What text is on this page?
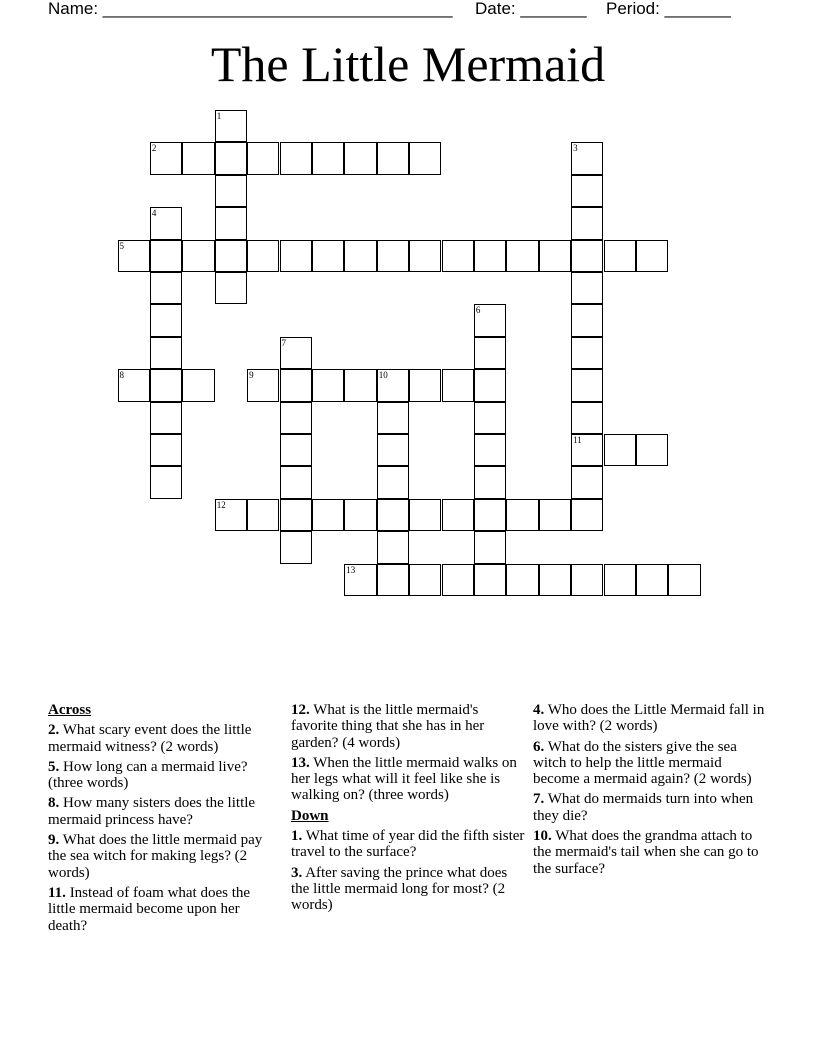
Name: _____________________________________ Date: _______ Period: _______
The Little Mermaid
2
5
8	9	10
11
12
13
1
3
4
6
7
Across
2. What scary event does the little mermaid witness? (2 words)
5. How long can a mermaid live? (three words)
8. How many sisters does the little mermaid princess have?
9. What does the little mermaid pay the sea witch for making legs? (2 words)
11. Instead of foam what does the little mermaid become upon her death?
12. What is the little mermaid's favorite thing that she has in her garden? (4 words)
13. When the little mermaid walks on her legs what will it feel like she is walking on? (three words)
Down
1. What time of year did the fifth sister travel to the surface?
3. After saving the prince what does the little mermaid long for most? (2 words)
4. Who does the Little Mermaid fall in love with? (2 words)
6. What do the sisters give the sea witch to help the little mermaid become a mermaid again? (2 words)
7. What do mermaids turn into when they die?
10. What does the grandma attach to the mermaid's tail when she can go to the surface?
